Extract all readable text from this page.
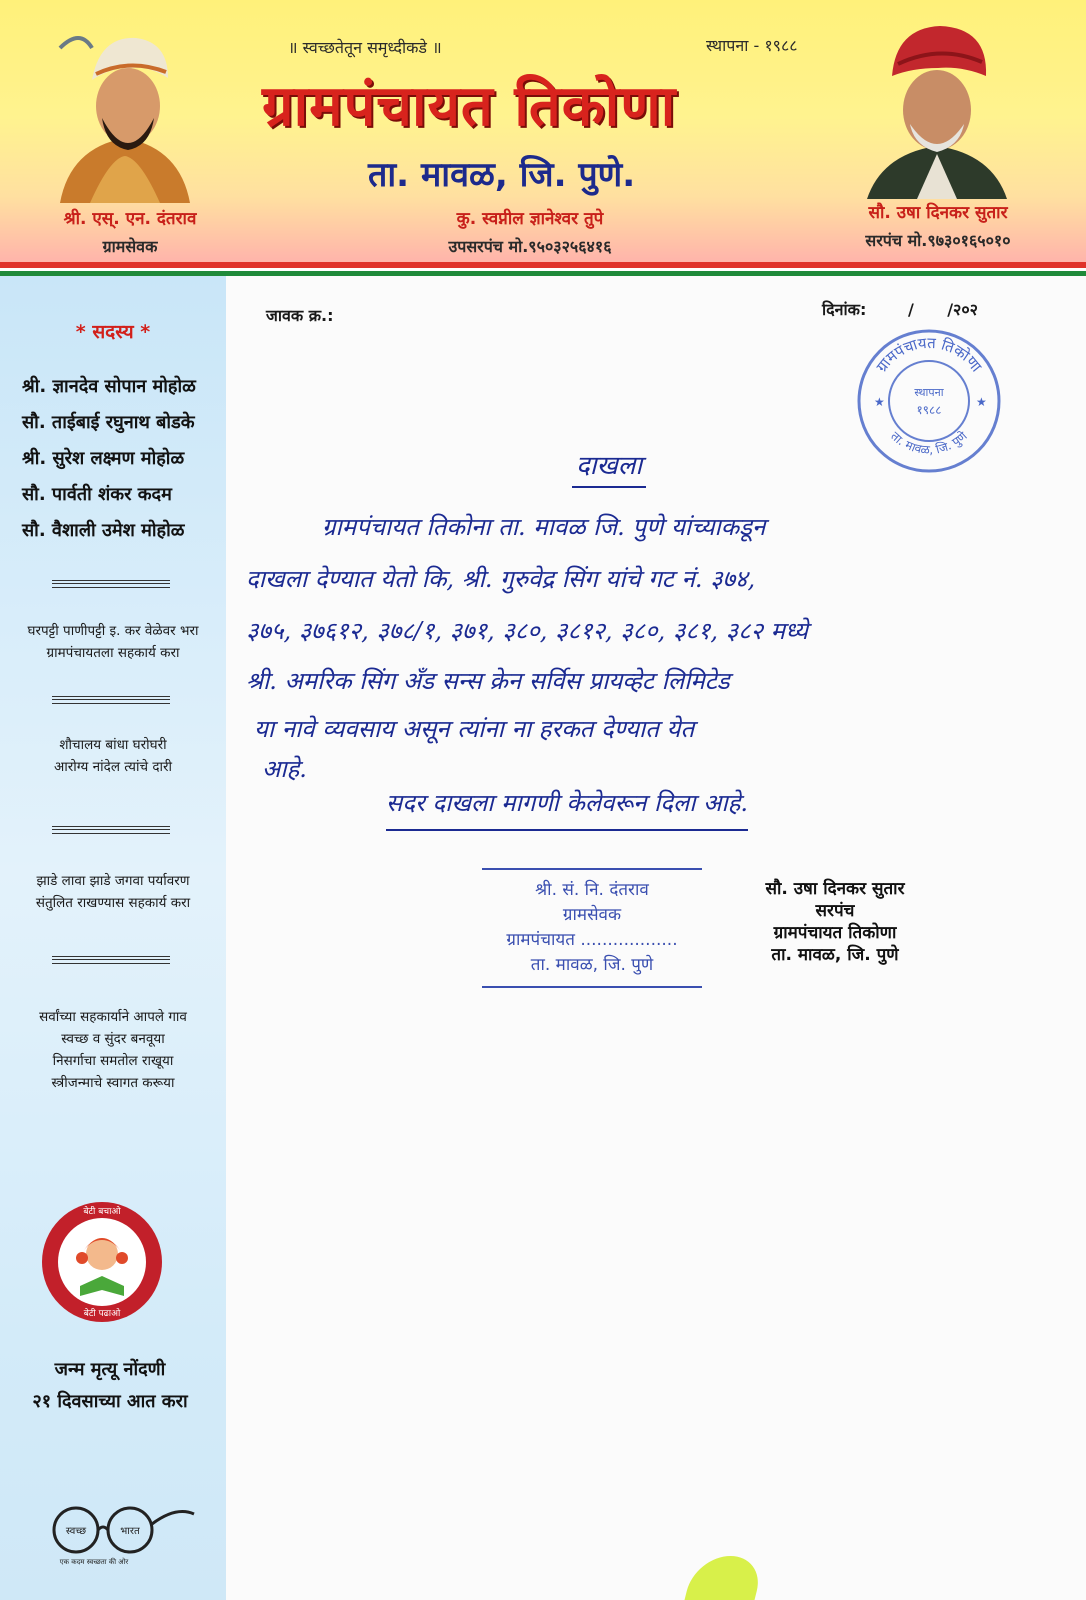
॥ स्वच्छतेतून समृध्दीकडे ॥	स्थापना - १९८८
ग्रामपंचायत तिकोणा
ता. मावळ, जि. पुणे.
श्री. एस्. एन. दंतराव
ग्रामसेवक
कु. स्वप्नील ज्ञानेश्वर तुपे
उपसरपंच मो.९५०३२५६४१६
सौ. उषा दिनकर सुतार
सरपंच मो.९७३०१६५०१०
* सदस्य *
श्री. ज्ञानदेव सोपान मोहोळ
सौ. ताईबाई रघुनाथ बोडके
श्री. सुरेश लक्ष्मण मोहोळ
सौ. पार्वती शंकर कदम
सौ. वैशाली उमेश मोहोळ
घरपट्टी पाणीपट्टी इ. कर वेळेवर भरा
ग्रामपंचायतला सहकार्य करा
शौचालय बांधा घरोघरी
आरोग्य नांदेल त्यांचे दारी
झाडे लावा झाडे जगवा पर्यावरण
संतुलित राखण्यास सहकार्य करा
सर्वांच्या सहकार्याने आपले गाव
स्वच्छ व सुंदर बनवूया
निसर्गाचा समतोल राखूया
स्त्रीजन्माचे स्वागत करूया
बेटी बचाओ
बेटी पढाओ
जन्म मृत्यू नोंदणी
२१ दिवसाच्या आत करा
स्वच्छ	भारत
एक कदम स्वच्छता की ओर
जावक क्र.:	दिनांक:	/      /२०२
ग्रामपंचायत तिकोणा
स्थापना
१९८८
ता. मावळ, जि. पुणे
★	★
दाखला
ग्रामपंचायत तिकोना ता. मावळ जि. पुणे यांच्याकडून
दाखला देण्यात येतो कि, श्री. गुरुवेद्र सिंग यांचे गट नं. ३७४,
३७५, ३७६१२, ३७८/१, ३७१, ३८०, ३८१२, ३८०, ३८१, ३८२ मध्ये
श्री. अमरिक सिंग अँड सन्स क्रेन सर्विस प्रायव्हेट लिमिटेड
या नावे व्यवसाय असून त्यांना ना हरकत देण्यात येत
आहे.
सदर दाखला मागणी केलेवरून दिला आहे.
श्री. सं. नि. दंतराव
ग्रामसेवक
ग्रामपंचायत ..................
ता. मावळ, जि. पुणे
सौ. उषा दिनकर सुतार
सरपंच
ग्रामपंचायत तिकोणा
ता. मावळ, जि. पुणे
